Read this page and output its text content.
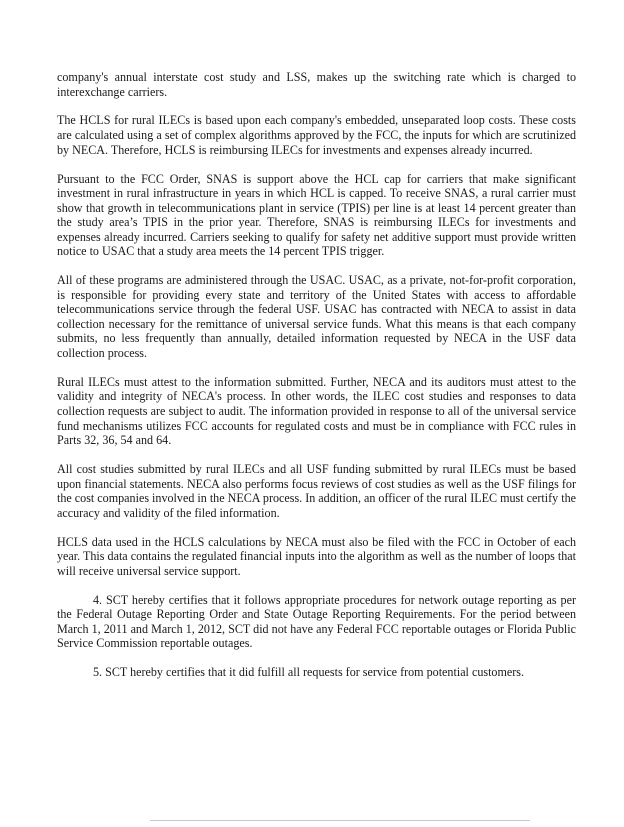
company's annual interstate cost study and LSS, makes up the switching rate which is charged to interexchange carriers.

The HCLS for rural ILECs is based upon each company's embedded, unseparated loop costs. These costs are calculated using a set of complex algorithms approved by the FCC, the inputs for which are scrutinized by NECA. Therefore, HCLS is reimbursing ILECs for investments and expenses already incurred.

Pursuant to the FCC Order, SNAS is support above the HCL cap for carriers that make significant investment in rural infrastructure in years in which HCL is capped. To receive SNAS, a rural carrier must show that growth in telecommunications plant in service (TPIS) per line is at least 14 percent greater than the study area’s TPIS in the prior year. Therefore, SNAS is reimbursing ILECs for investments and expenses already incurred. Carriers seeking to qualify for safety net additive support must provide written notice to USAC that a study area meets the 14 percent TPIS trigger.

All of these programs are administered through the USAC. USAC, as a private, not-for-profit corporation, is responsible for providing every state and territory of the United States with access to affordable telecommunications service through the federal USF. USAC has contracted with NECA to assist in data collection necessary for the remittance of universal service funds. What this means is that each company submits, no less frequently than annually, detailed information requested by NECA in the USF data collection process.

Rural ILECs must attest to the information submitted. Further, NECA and its auditors must attest to the validity and integrity of NECA's process. In other words, the ILEC cost studies and responses to data collection requests are subject to audit. The information provided in response to all of the universal service fund mechanisms utilizes FCC accounts for regulated costs and must be in compliance with FCC rules in Parts 32, 36, 54 and 64.

All cost studies submitted by rural ILECs and all USF funding submitted by rural ILECs must be based upon financial statements. NECA also performs focus reviews of cost studies as well as the USF filings for the cost companies involved in the NECA process. In addition, an officer of the rural ILEC must certify the accuracy and validity of the filed information.

HCLS data used in the HCLS calculations by NECA must also be filed with the FCC in October of each year. This data contains the regulated financial inputs into the algorithm as well as the number of loops that will receive universal service support.

4. SCT hereby certifies that it follows appropriate procedures for network outage reporting as per the Federal Outage Reporting Order and State Outage Reporting Requirements. For the period between March 1, 2011 and March 1, 2012, SCT did not have any Federal FCC reportable outages or Florida Public Service Commission reportable outages.

5. SCT hereby certifies that it did fulfill all requests for service from potential customers.
